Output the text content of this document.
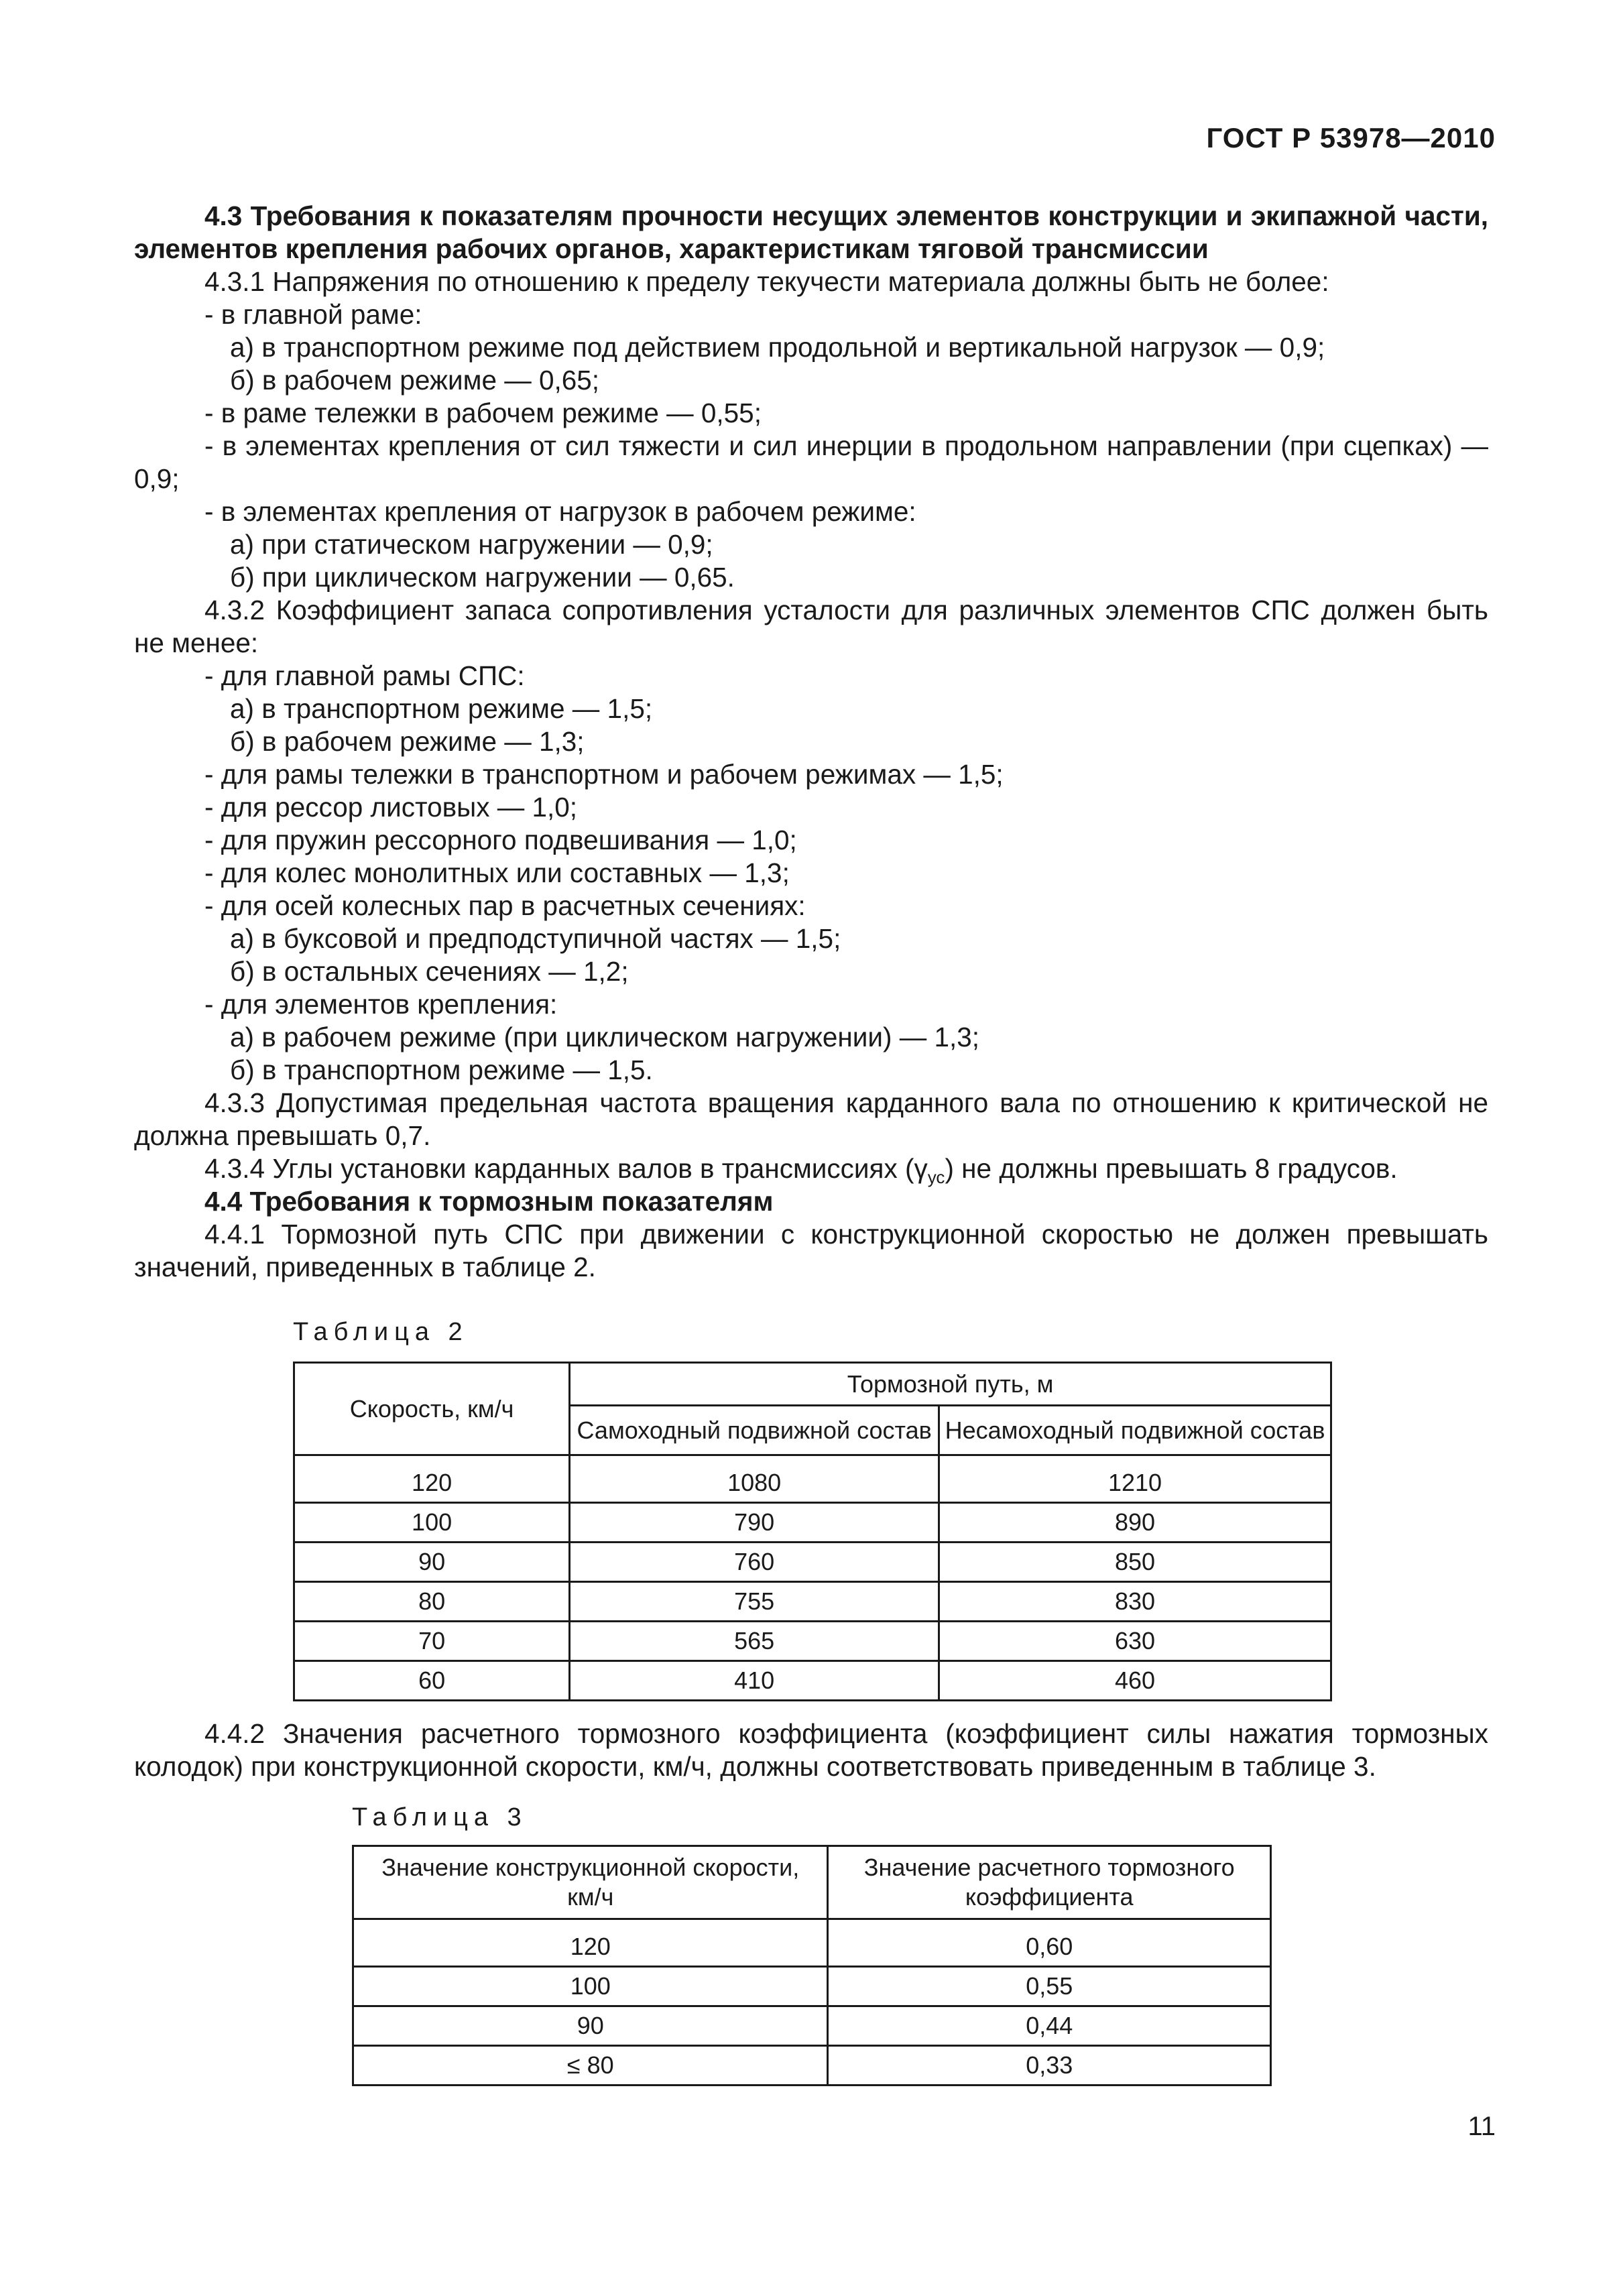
ГОСТ Р 53978—2010

4.3 Требования к показателям прочности несущих элементов конструкции и экипажной части, элементов крепления рабочих органов, характеристикам тяговой трансмиссии

4.3.1 Напряжения по отношению к пределу текучести материала должны быть не более:

- в главной раме:

а) в транспортном режиме под действием продольной и вертикальной нагрузок — 0,9;

б) в рабочем режиме — 0,65;

- в раме тележки в рабочем режиме — 0,55;

- в элементах крепления от сил тяжести и сил инерции в продольном направлении (при сцепках) — 0,9;

- в элементах крепления от нагрузок в рабочем режиме:

а) при статическом нагружении — 0,9;

б) при циклическом нагружении — 0,65.

4.3.2 Коэффициент запаса сопротивления усталости для различных элементов СПС должен быть не менее:

- для главной рамы СПС:

а) в транспортном режиме — 1,5;

б) в рабочем режиме — 1,3;

- для рамы тележки в транспортном и рабочем режимах — 1,5;

- для рессор листовых — 1,0;

- для пружин рессорного подвешивания — 1,0;

- для колес монолитных или составных — 1,3;

- для осей колесных пар в расчетных сечениях:

а) в буксовой и предподступичной частях — 1,5;

б) в остальных сечениях — 1,2;

- для элементов крепления:

а) в рабочем режиме (при циклическом нагружении) — 1,3;

б) в транспортном режиме — 1,5.

4.3.3 Допустимая предельная частота вращения карданного вала по отношению к критической не должна превышать 0,7.

4.3.4 Углы установки карданных валов в трансмиссиях $(\gamma_{ус})$ не должны превышать 8 градусов.

4.4 Требования к тормозным показателям

4.4.1 Тормозной путь СПС при движении с конструкционной скоростью не должен превышать значений, приведенных в таблице 2.

Таблица 2

Скорость, км/ч	Тормозной путь, м	
	Самоходный подвижной состав	Несамоходный подвижной состав

120	1080	1210
100	790	890
90	760	850
80	755	830
70	565	630
60	410	460

4.4.2 Значения расчетного тормозного коэффициента (коэффициент силы нажатия тормозных колодок) при конструкционной скорости, км/ч, должны соответствовать приведенным в таблице 3.

Таблица 3

Значение конструкционной скорости, км/ч	Значение расчетного тормозного коэффициента

120	0,60
100	0,55
90	0,44
≤ 80	0,33
11
